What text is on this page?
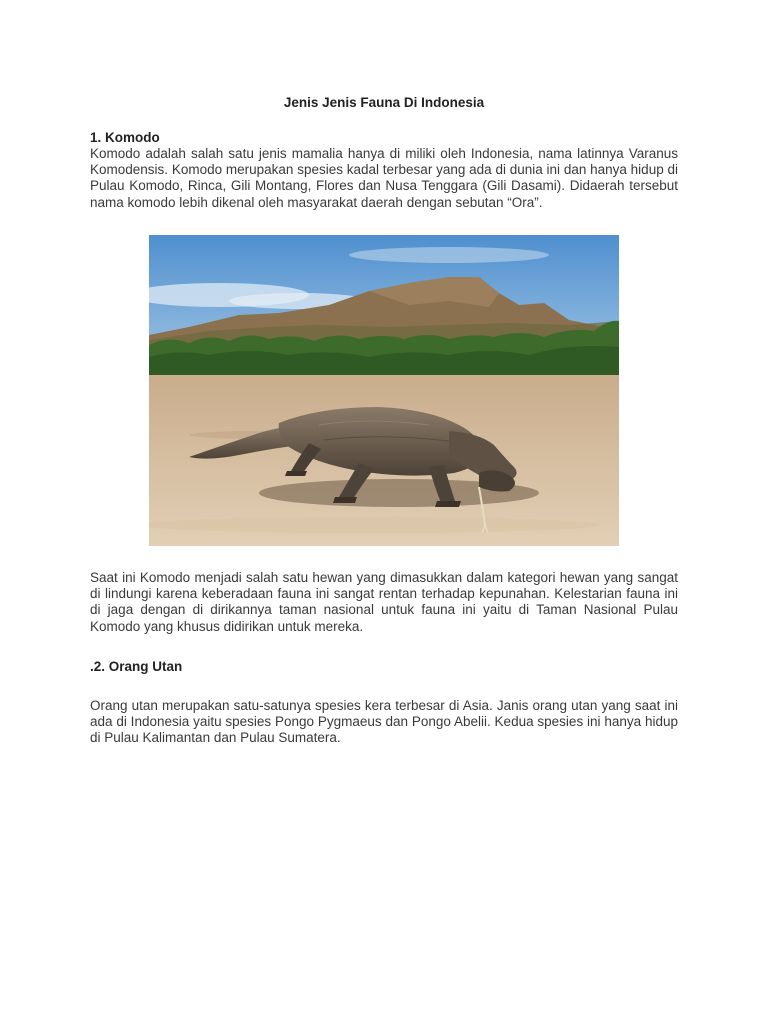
Jenis Jenis Fauna Di Indonesia
1. Komodo
Komodo adalah salah satu jenis mamalia hanya di miliki oleh Indonesia, nama latinnya Varanus Komodensis. Komodo merupakan spesies kadal terbesar yang ada di dunia ini dan hanya hidup di Pulau Komodo, Rinca, Gili Montang, Flores dan Nusa Tenggara (Gili Dasami). Didaerah tersebut nama komodo lebih dikenal oleh masyarakat daerah dengan sebutan “Ora”.
Saat ini Komodo menjadi salah satu hewan yang dimasukkan dalam kategori hewan yang sangat di lindungi karena keberadaan fauna ini sangat rentan terhadap kepunahan. Kelestarian fauna ini di jaga dengan di dirikannya taman nasional untuk fauna ini yaitu di Taman Nasional Pulau Komodo yang khusus didirikan untuk mereka.
.2. Orang Utan
Orang utan merupakan satu-satunya spesies kera terbesar di Asia. Janis orang utan yang saat ini ada di Indonesia yaitu spesies Pongo Pygmaeus dan Pongo Abelii. Kedua spesies ini hanya hidup di Pulau Kalimantan dan Pulau Sumatera.
